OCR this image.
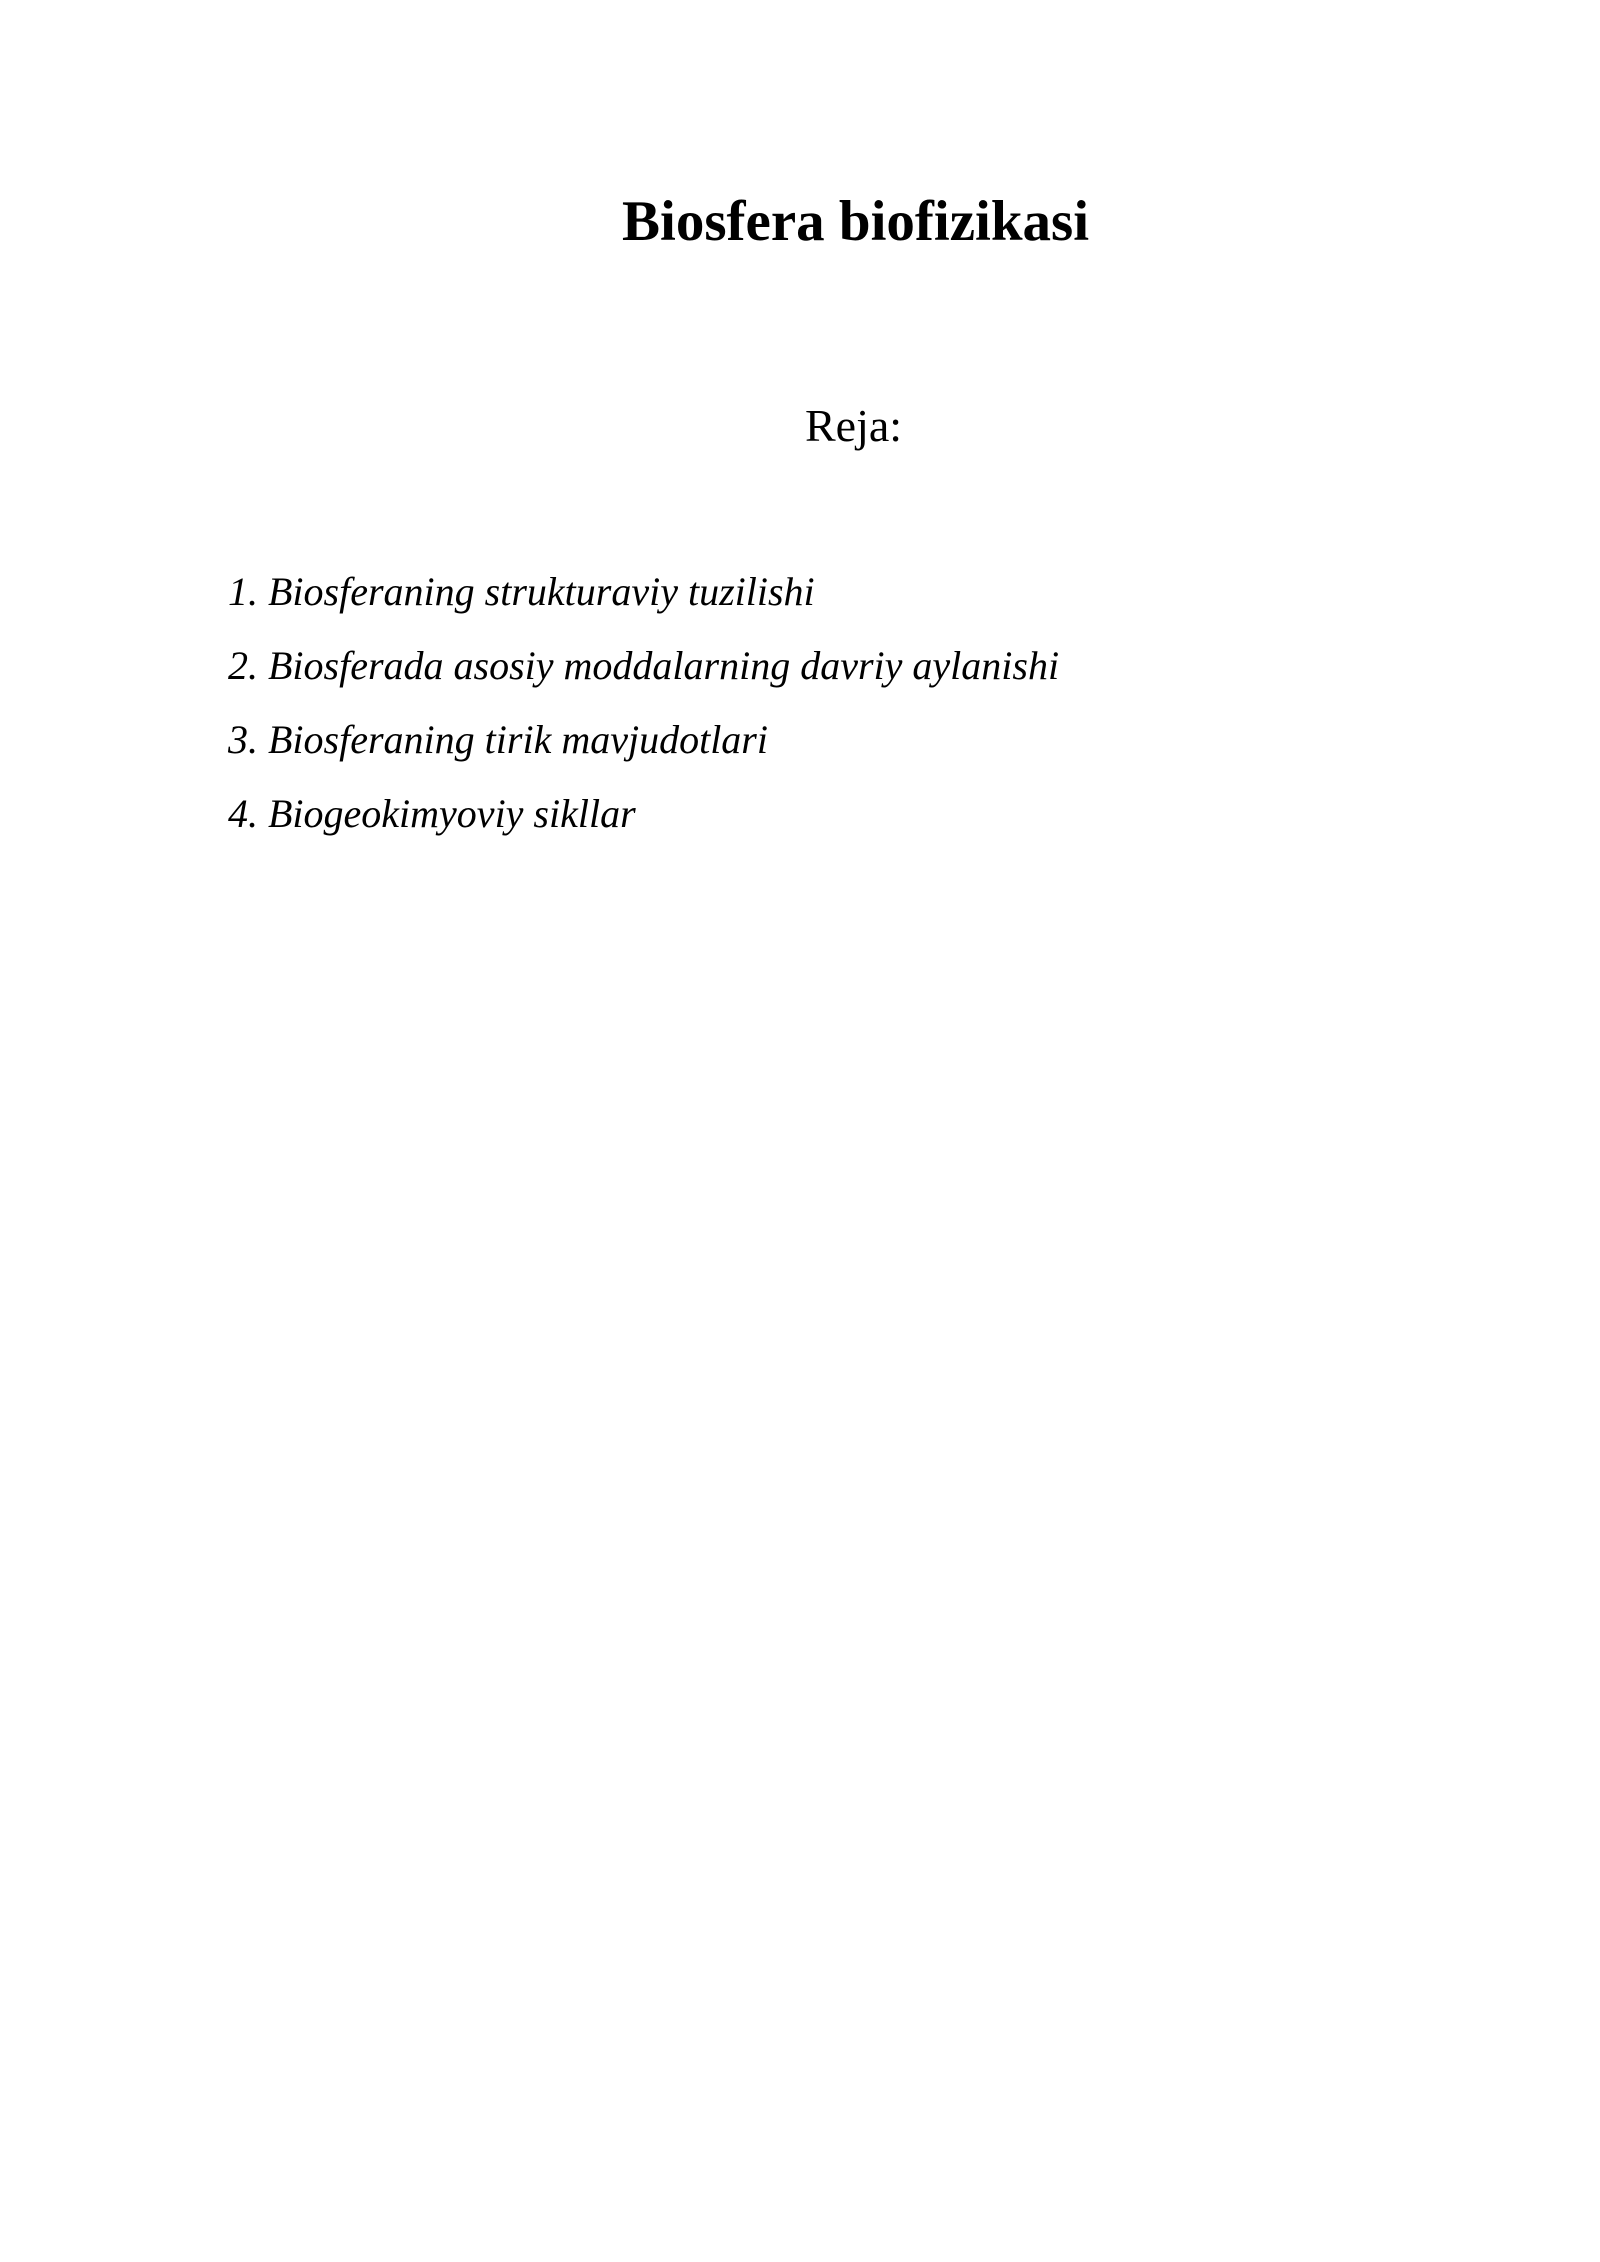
Biosfera biofizikasi
Reja:
1. Biosferaning strukturaviy tuzilishi
2. Biosferada asosiy moddalarning davriy aylanishi
3. Biosferaning tirik mavjudotlari
4. Biogeokimyoviy sikllar
